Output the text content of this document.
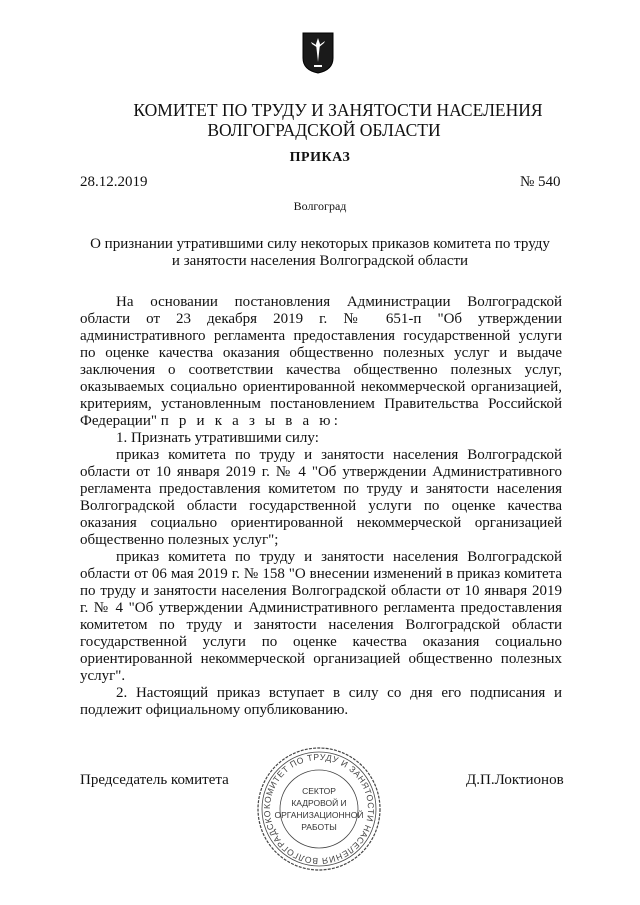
КОМИТЕТ ПО ТРУДУ И ЗАНЯТОСТИ НАСЕЛЕНИЯ
ВОЛГОГРАДСКОЙ ОБЛАСТИ
ПРИКАЗ
28.12.2019	№ 540
Волгоград
О признании утратившими силу некоторых приказов комитета по труду
и занятости населения Волгоградской области

На основании постановления Администрации Волгоградской области от 23 декабря 2019 г. № 651-п "Об утверждении административного регламента предоставления государственной услуги по оценке качества оказания общественно полезных услуг и выдаче заключения о соответствии качества общественно полезных услуг, оказываемых социально ориентированной некоммерческой организацией, критериям, установленным постановлением Правительства Российской Федерации" п р и к а з ы в а ю:

1. Признать утратившими силу:

приказ комитета по труду и занятости населения Волгоградской области от 10 января 2019 г. № 4 "Об утверждении Административного регламента предоставления комитетом по труду и занятости населения Волгоградской области государственной услуги по оценке качества оказания социально ориентированной некоммерческой организацией общественно полезных услуг";

приказ комитета по труду и занятости населения Волгоградской области от 06 мая 2019 г. № 158 "О внесении изменений в приказ комитета по труду и занятости населения Волгоградской области от 10 января 2019 г. № 4 "Об утверждении Административного регламента предоставления комитетом по труду и занятости населения Волгоградской области государственной услуги по оценке качества оказания социально ориентированной некоммерческой организацией общественно полезных услуг".

2. Настоящий приказ вступает в силу со дня его подписания и подлежит официальному опубликованию.

Председатель комитета	Д.П.Локтионов
КОМИТЕТ ПО ТРУДУ И ЗАНЯТОСТИ НАСЕЛЕНИЯ ВОЛГОГРАДСКО
СЕКТОР
КАДРОВОЙ И
ОРГАНИЗАЦИОННОЙ
РАБОТЫ
